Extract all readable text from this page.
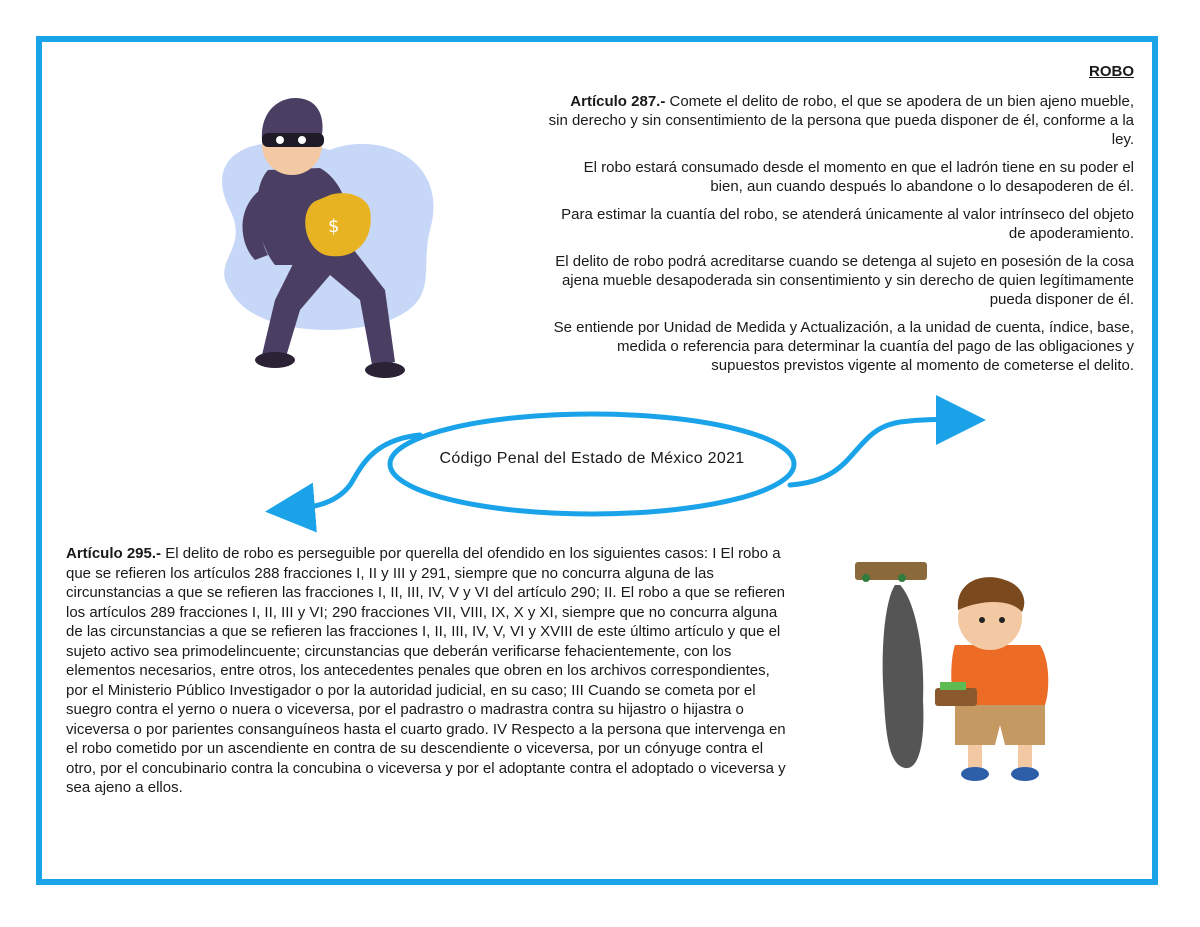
$
ROBO

Artículo 287.- Comete el delito de robo, el que se apodera de un bien ajeno mueble, sin derecho y sin consentimiento de la persona que pueda disponer de él, conforme a la ley.

El robo estará consumado desde el momento en que el ladrón tiene en su poder el bien, aun cuando después lo abandone o lo desapoderen de él.

Para estimar la cuantía del robo, se atenderá únicamente al valor intrínseco del objeto de apoderamiento.

El delito de robo podrá acreditarse cuando se detenga al sujeto en posesión de la cosa ajena mueble desapoderada sin consentimiento y sin derecho de quien legítimamente pueda disponer de él.

Se entiende por Unidad de Medida y Actualización, a la unidad de cuenta, índice, base, medida o referencia para determinar la cuantía del pago de las obligaciones y supuestos previstos vigente al momento de cometerse el delito.

Código Penal del Estado de México 2021

Artículo 295.- El delito de robo es perseguible por querella del ofendido en los siguientes casos: I El robo a que se refieren los artículos 288 fracciones I, II y III y 291, siempre que no concurra alguna de las circunstancias a que se refieren las fracciones I, II, III, IV, V y VI del artículo 290; II. El robo a que se refieren los artículos 289 fracciones I, II, III y VI; 290 fracciones VII, VIII, IX, X y XI, siempre que no concurra alguna de las circunstancias a que se refieren las fracciones I, II, III, IV, V, VI y XVIII de este último artículo y que el sujeto activo sea primodelincuente; circunstancias que deberán verificarse fehacientemente, con los elementos necesarios, entre otros, los antecedentes penales que obren en los archivos correspondientes, por el Ministerio Público Investigador o por la autoridad judicial, en su caso; III Cuando se cometa por el suegro contra el yerno o nuera o viceversa, por el padrastro o madrastra contra su hijastro o hijastra o viceversa o por parientes consanguíneos hasta el cuarto grado. IV Respecto a la persona que intervenga en el robo cometido por un ascendiente en contra de su descendiente o viceversa, por un cónyuge contra el otro, por el concubinario contra la concubina o viceversa y por el adoptante contra el adoptado o viceversa y sea ajeno a ellos.
